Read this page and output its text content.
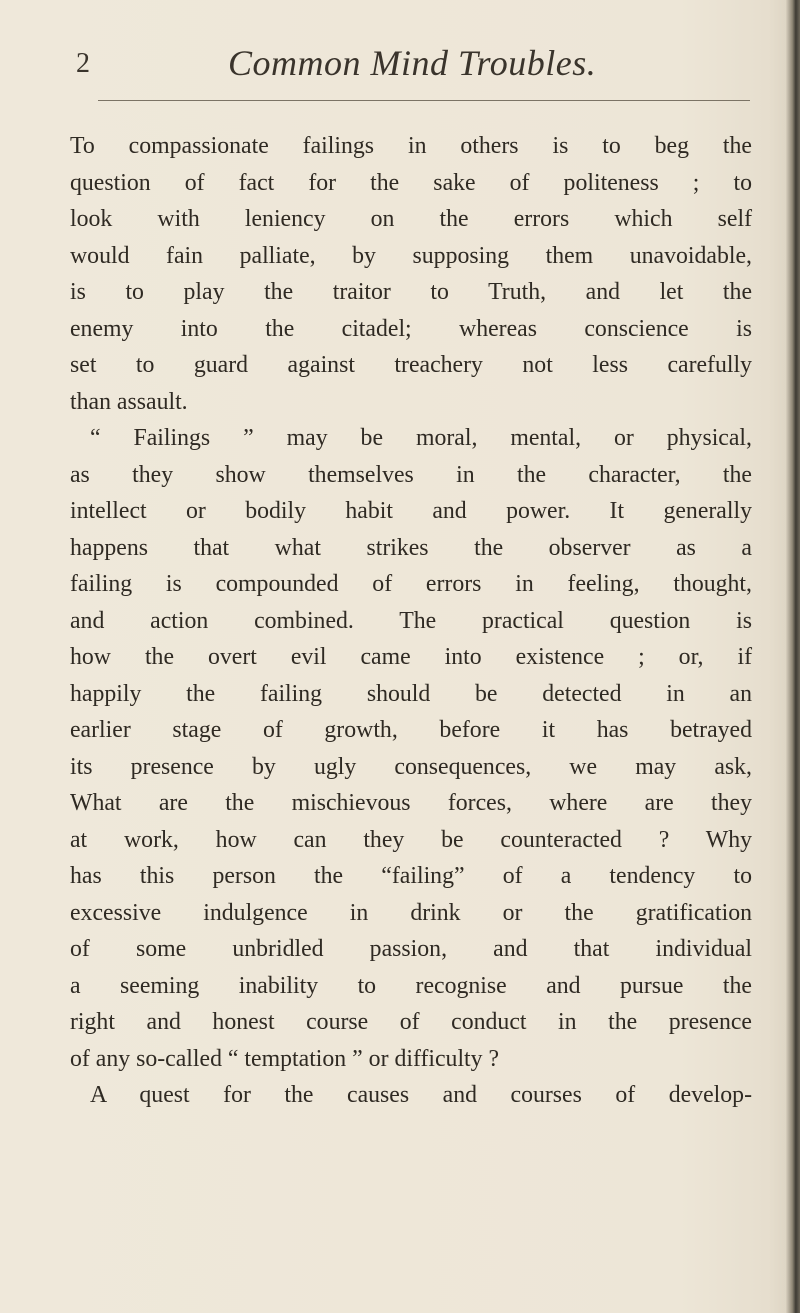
2	Common Mind Troubles.
To compassionate failings in others is to beg the
question of fact for the sake of politeness ; to
look with leniency on the errors which self
would fain palliate, by supposing them unavoidable,
is to play the traitor to Truth, and let the
enemy into the citadel; whereas conscience is
set to guard against treachery not less carefully
than assault.
“ Failings ” may be moral, mental, or physical,
as they show themselves in the character, the
intellect or bodily habit and power. It generally
happens that what strikes the observer as a
failing is compounded of errors in feeling, thought,
and action combined. The practical question is
how the overt evil came into existence ; or, if
happily the failing should be detected in an
earlier stage of growth, before it has betrayed
its presence by ugly consequences, we may ask,
What are the mischievous forces, where are they
at work, how can they be counteracted ? Why
has this person the “failing” of a tendency to
excessive indulgence in drink or the gratification
of some unbridled passion, and that individual
a seeming inability to recognise and pursue the
right and honest course of conduct in the presence
of any so-called “ temptation ” or difficulty ?
A quest for the causes and courses of develop-
